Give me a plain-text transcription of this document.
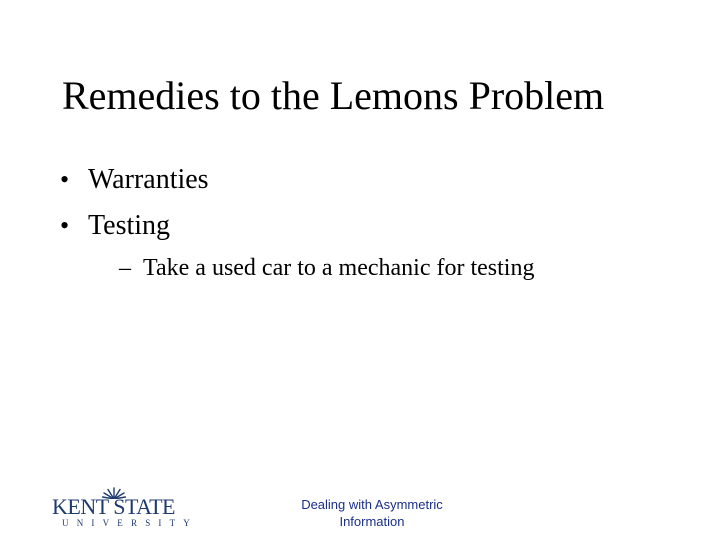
Remedies to the Lemons Problem
• Warranties
• Testing
– Take a used car to a mechanic for testing
KENT STATE
UNIVERSITY
Dealing with Asymmetric
Information
